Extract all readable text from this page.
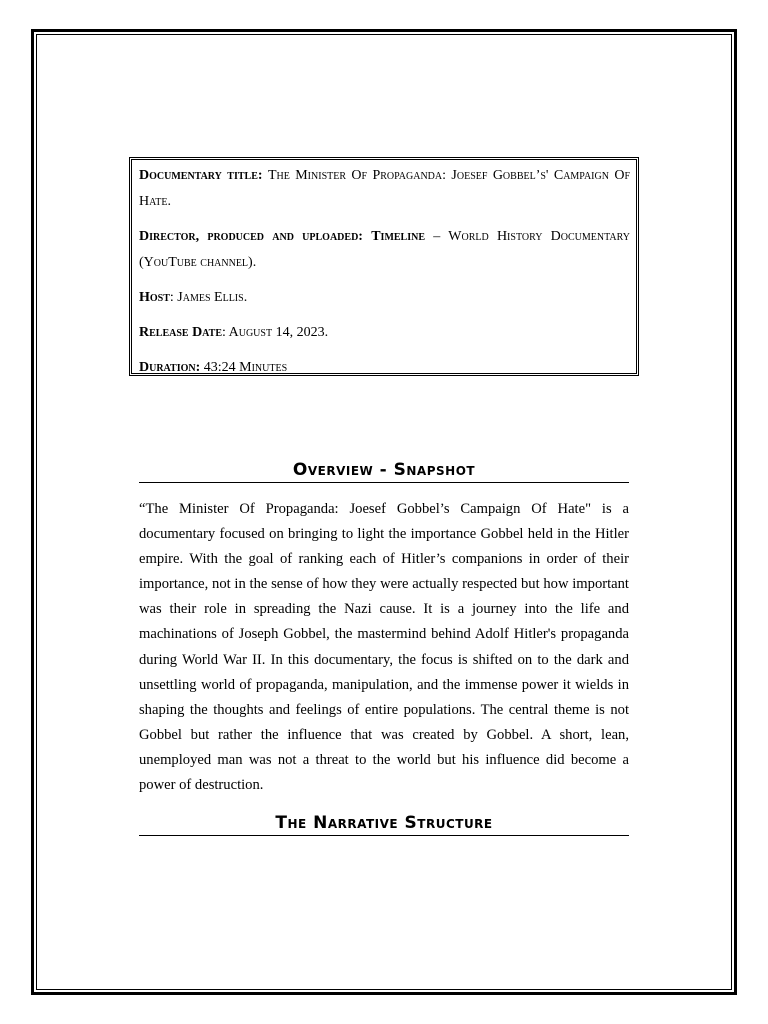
Documentary title: The Minister Of Propaganda: Joesef Gobbel’s' Campaign Of Hate.

Director, produced and uploaded: Timeline – World History Documentary (YouTube channel).

Host: James Ellis.

Release Date: August 14, 2023.

Duration: 43:24 Minutes

Overview - Snapshot

“The Minister Of Propaganda: Joesef Gobbel’s Campaign Of Hate" is a documentary focused on bringing to light the importance Gobbel held in the Hitler empire. With the goal of ranking each of Hitler’s companions in order of their importance, not in the sense of how they were actually respected but how important was their role in spreading the Nazi cause. It is a journey into the life and machinations of Joseph Gobbel, the mastermind behind Adolf Hitler's propaganda during World War II. In this documentary, the focus is shifted on to the dark and unsettling world of propaganda, manipulation, and the immense power it wields in shaping the thoughts and feelings of entire populations. The central theme is not Gobbel but rather the influence that was created by Gobbel. A short, lean, unemployed man was not a threat to the world but his influence did become a power of destruction.

The Narrative Structure
